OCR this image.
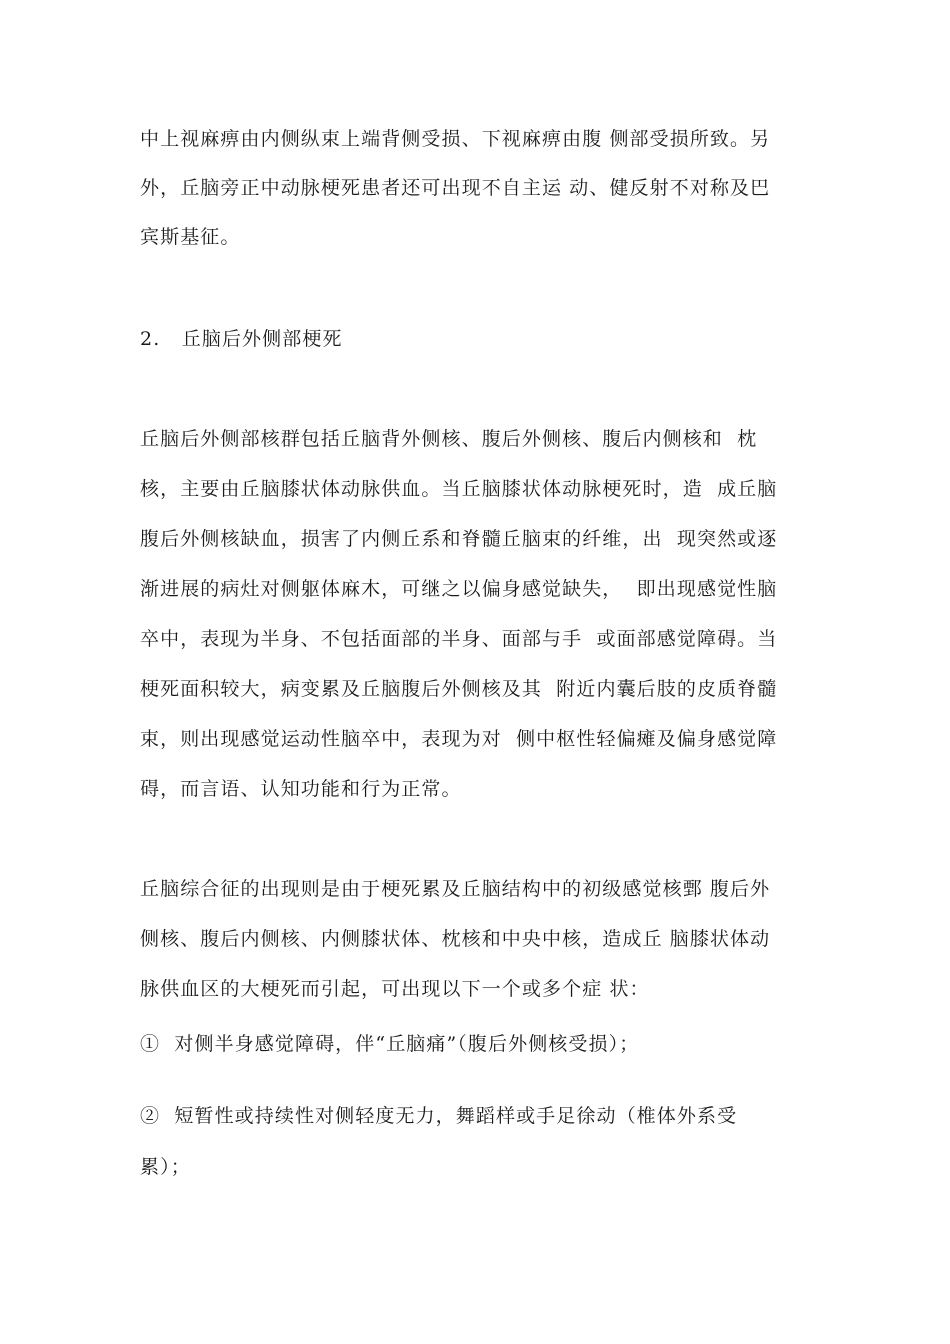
中上视麻痹由内侧纵束上端背侧受损、下视麻痹由腹 侧部受损所致。另
外，丘脑旁正中动脉梗死患者还可出现不自主运 动、健反射不对称及巴
宾斯基征。
2.   丘脑后外侧部梗死
丘脑后外侧部核群包括丘脑背外侧核、腹后外侧核、腹后内侧核和  枕
核，主要由丘脑膝状体动脉供血。当丘脑膝状体动脉梗死时，造  成丘脑
腹后外侧核缺血，损害了内侧丘系和脊髓丘脑束的纤维，出  现突然或逐
渐进展的病灶对侧躯体麻木，可继之以偏身感觉缺失，  即出现感觉性脑
卒中，表现为半身、不包括面部的半身、面部与手  或面部感觉障碍。当
梗死面积较大，病变累及丘脑腹后外侧核及其  附近内囊后肢的皮质脊髓
束，则出现感觉运动性脑卒中，表现为对  侧中枢性轻偏瘫及偏身感觉障
碍，而言语、认知功能和行为正常。
丘脑综合征的出现则是由于梗死累及丘脑结构中的初级感觉核鄄 腹后外
侧核、腹后内侧核、内侧膝状体、枕核和中央中核，造成丘 脑膝状体动
脉供血区的大梗死而引起，可出现以下一个或多个症 状：
①  对侧半身感觉障碍，伴“丘脑痛”（腹后外侧核受损）；
②  短暂性或持续性对侧轻度无力，舞蹈样或手足徐动（椎体外系受
累）；
